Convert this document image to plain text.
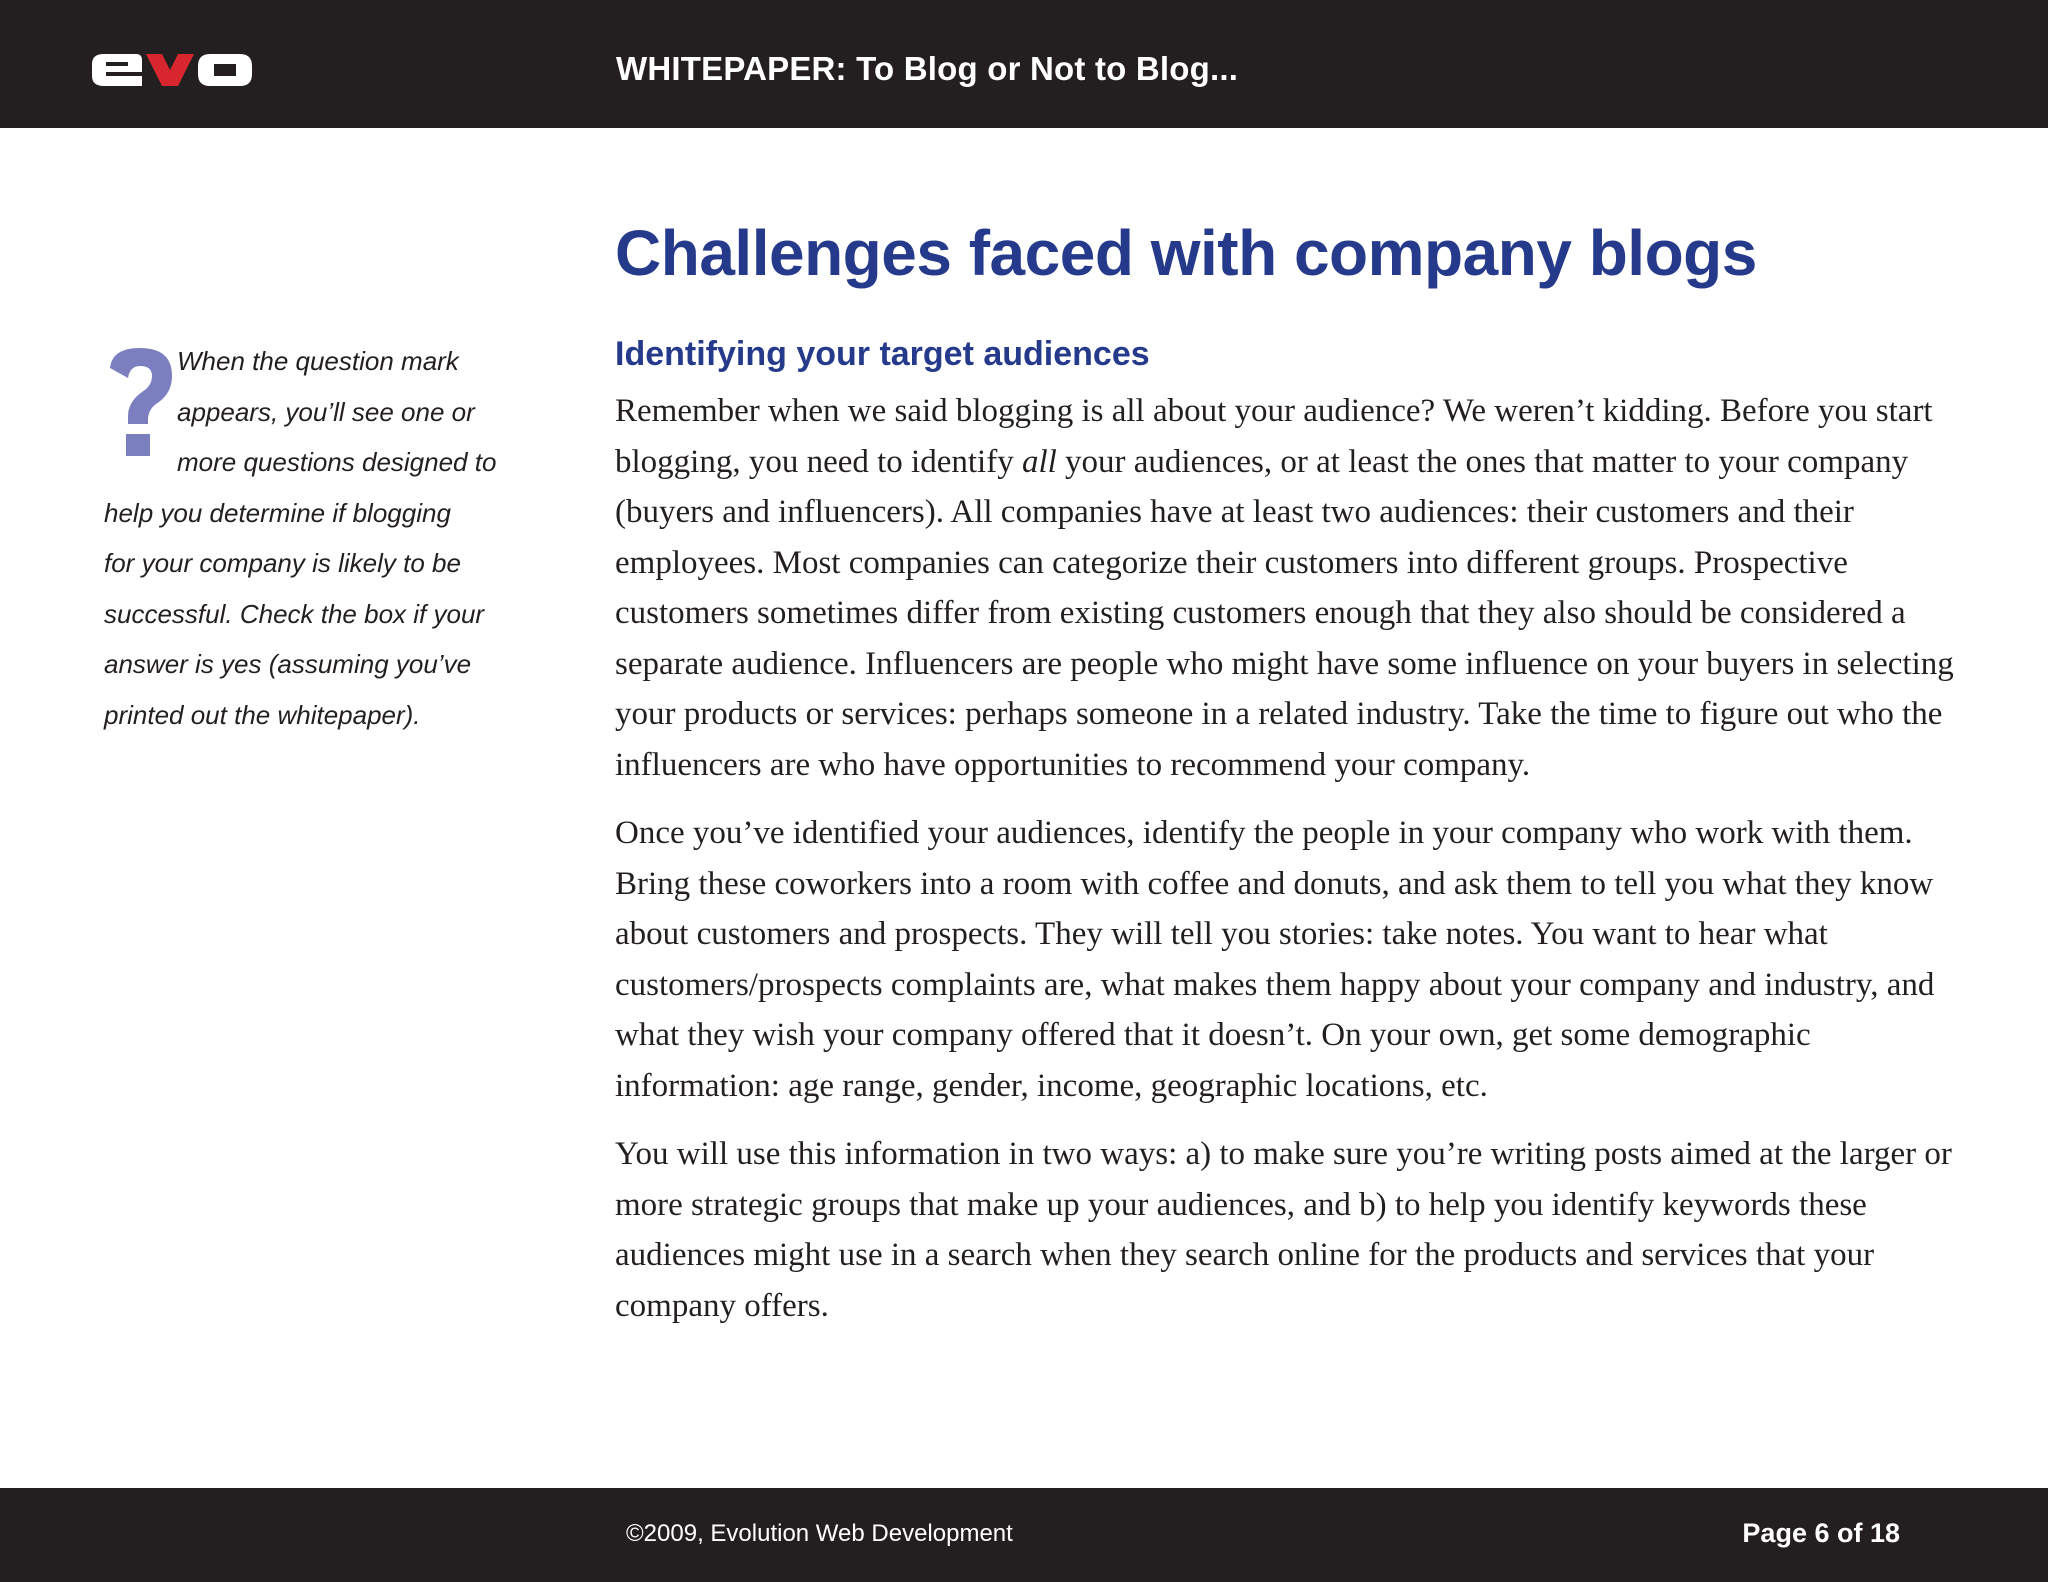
WHITEPAPER: To Blog or Not to Blog...

When the question mark
appears, you’ll see one or
more questions designed to
help you determine if blogging
for your company is likely to be
successful. Check the box if your
answer is yes (assuming you’ve
printed out the whitepaper).

Challenges faced with company blogs
Identifying your target audiences

Remember when we said blogging is all about your audience? We weren’t kidding. Before you start blogging, you need to identify all your audiences, or at least the ones that matter to your company (buyers and influencers). All companies have at least two audiences: their customers and their employees. Most companies can categorize their customers into different groups. Prospective customers sometimes differ from existing customers enough that they also should be considered a separate audience. Influencers are people who might have some influence on your buyers in selecting your products or services: perhaps someone in a related industry. Take the time to figure out who the influencers are who have opportunities to recommend your company.

Once you’ve identified your audiences, identify the people in your company who work with them. Bring these coworkers into a room with coffee and donuts, and ask them to tell you what they know about customers and prospects. They will tell you stories: take notes. You want to hear what customers/prospects complaints are, what makes them happy about your company and industry, and what they wish your company offered that it doesn’t. On your own, get some demographic information: age range, gender, income, geographic locations, etc.

You will use this information in two ways: a) to make sure you’re writing posts aimed at the larger or more strategic groups that make up your audiences, and b) to help you identify keywords these audiences might use in a search when they search online for the products and services that your company offers.

©2009, Evolution Web Development	Page 6 of 18
